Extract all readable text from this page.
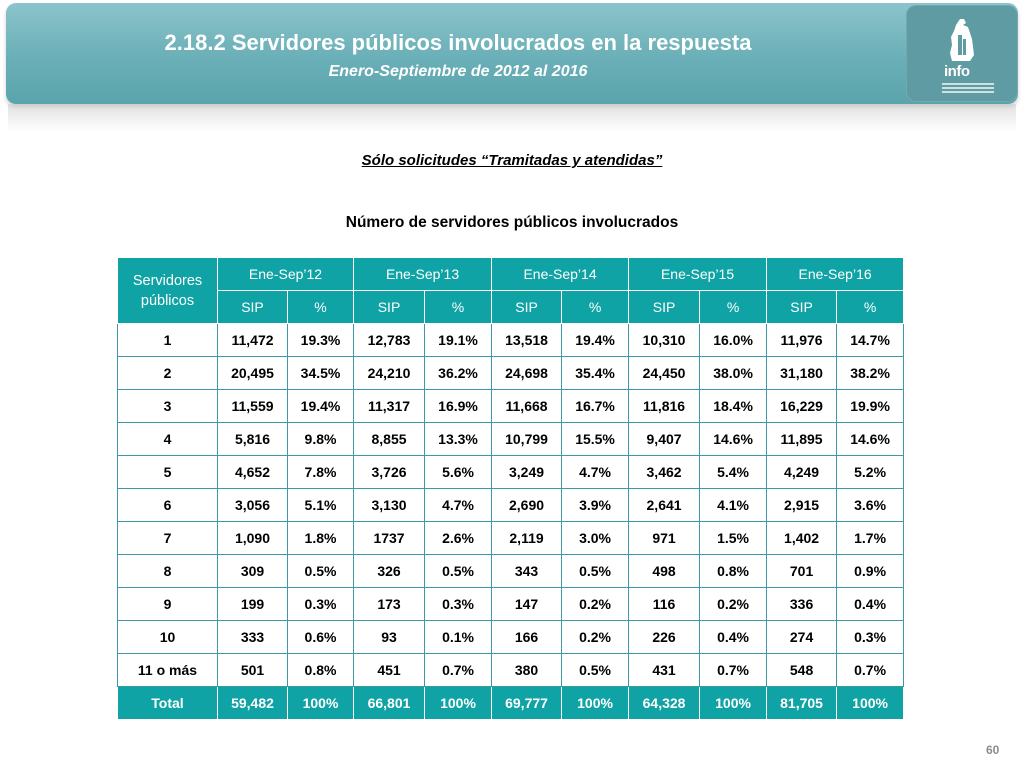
2.18.2 Servidores públicos involucrados en la respuesta
Enero-Septiembre de 2012 al 2016	info
Sólo solicitudes “Tramitadas y atendidas”
Número de servidores públicos involucrados
Servidores públicos	Ene-Sep’12		Ene-Sep’13		Ene-Sep’14		Ene-Sep’15		Ene-Sep’16	
	SIP	%	SIP	%	SIP	%	SIP	%	SIP	%
1	11,472	19.3%	12,783	19.1%	13,518	19.4%	10,310	16.0%	11,976	14.7%
2	20,495	34.5%	24,210	36.2%	24,698	35.4%	24,450	38.0%	31,180	38.2%
3	11,559	19.4%	11,317	16.9%	11,668	16.7%	11,816	18.4%	16,229	19.9%
4	5,816	9.8%	8,855	13.3%	10,799	15.5%	9,407	14.6%	11,895	14.6%
5	4,652	7.8%	3,726	5.6%	3,249	4.7%	3,462	5.4%	4,249	5.2%
6	3,056	5.1%	3,130	4.7%	2,690	3.9%	2,641	4.1%	2,915	3.6%
7	1,090	1.8%	1737	2.6%	2,119	3.0%	971	1.5%	1,402	1.7%
8	309	0.5%	326	0.5%	343	0.5%	498	0.8%	701	0.9%
9	199	0.3%	173	0.3%	147	0.2%	116	0.2%	336	0.4%
10	333	0.6%	93	0.1%	166	0.2%	226	0.4%	274	0.3%
11 o más	501	0.8%	451	0.7%	380	0.5%	431	0.7%	548	0.7%
Total	59,482	100%	66,801	100%	69,777	100%	64,328	100%	81,705	100%
60
